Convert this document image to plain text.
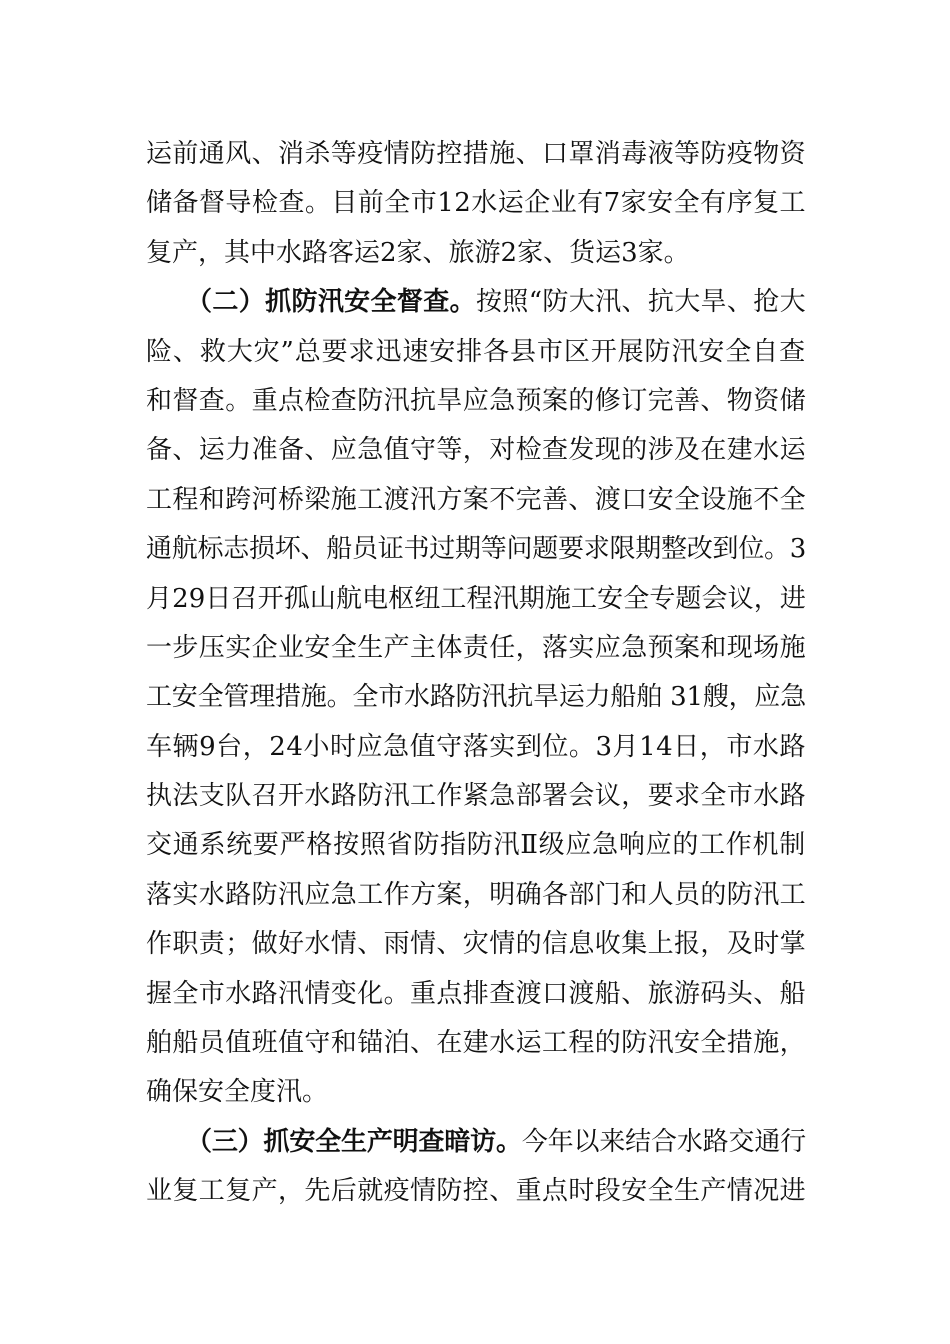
运前通风、消杀等疫情防控措施、口罩消毒液等防疫物资
储备督导检查。目前全市12水运企业有7家安全有序复工
复产，其中水路客运2家、旅游2家、货运3家。
（二）抓防汛安全督查。按照“防大汛、抗大旱、抢大
险、救大灾”总要求迅速安排各县市区开展防汛安全自查
和督查。重点检查防汛抗旱应急预案的修订完善、物资储
备、运力准备、应急值守等，对检查发现的涉及在建水运
工程和跨河桥梁施工渡汛方案不完善、渡口安全设施不全
通航标志损坏、船员证书过期等问题要求限期整改到位。3
月29日召开孤山航电枢纽工程汛期施工安全专题会议，进
一步压实企业安全生产主体责任，落实应急预案和现场施
工安全管理措施。全市水路防汛抗旱运力船舶 31艘，应急
车辆9台，24小时应急值守落实到位。3月14日，市水路
执法支队召开水路防汛工作紧急部署会议，要求全市水路
交通系统要严格按照省防指防汛Ⅱ级应急响应的工作机制
落实水路防汛应急工作方案，明确各部门和人员的防汛工
作职责；做好水情、雨情、灾情的信息收集上报，及时掌
握全市水路汛情变化。重点排查渡口渡船、旅游码头、船
舶船员值班值守和锚泊、在建水运工程的防汛安全措施，
确保安全度汛。
（三）抓安全生产明查暗访。今年以来结合水路交通行
业复工复产，先后就疫情防控、重点时段安全生产情况进
